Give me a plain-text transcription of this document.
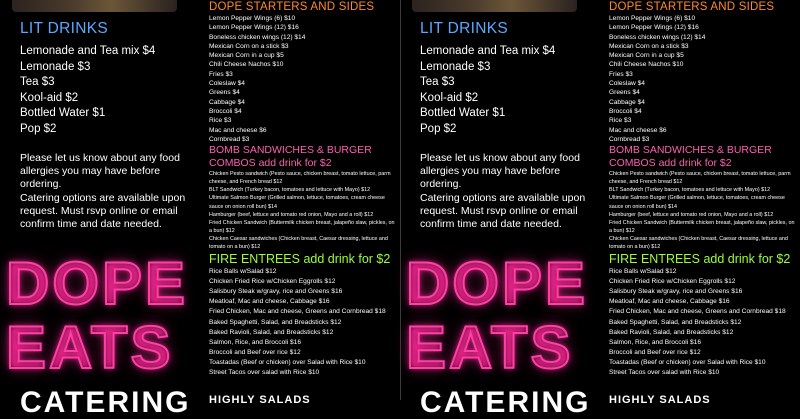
LIT DRINKS
Lemonade and Tea mix $4
Lemonade $3
Tea $3
Kool-aid $2
Bottled Water $1
Pop $2
Please let us know about any food allergies you may have before ordering.
Catering options are available upon request. Must rsvp online or email confirm time and date needed.
DOPE
EATS
CATERING
DOPE STARTERS AND SIDES
Lemon Pepper Wings (6) $10
Lemon Pepper Wings (12) $16
Boneless chicken wings (12) $14
Mexican Corn on a stick $3
Mexican Corn in a cup $5
Chili Cheese Nachos $10
Fries $3
Coleslaw $4
Greens $4
Cabbage $4
Broccoli $4
Rice $3
Mac and cheese $6
Cornbread $3
BOMB SANDWICHES & BURGER
COMBOS add drink for $2
Chicken Pesto sandwich (Pesto sauce, chicken breast, tomato lettuce, parm cheese, and French bread $12
BLT Sandwich (Turkey bacon, tomatoes and lettuce with Mayo) $12
Ultimate Salmon Burger (Grilled salmon, lettuce, tomatoes, cream cheese sauce on onion roll bun) $14
Hamburger (beef, lettuce and tomato red onion, Mayo and a roll) $12
Fried Chicken Sandwich (Buttermilk chicken breast, jalapeño slaw, pickles, on a bun) $12
Chicken Caesar sandwiches (Chicken breast, Caesar dressing, lettuce and tomato on a bun) $12
FIRE ENTREES add drink for $2
Rice Balls w/Salad $12
Chicken Fried Rice w/Chicken Eggrolls $12
Salisbury Steak w/gravy, rice and Greens $16
Meatloaf, Mac and cheese, Cabbage $16
Fried Chicken, Mac and cheese, Greens and Cornbread $18
Baked Spaghetti, Salad, and Breadsticks $12
Baked Ravioli, Salad, and Breadsticks $12
Salmon, Rice, and Broccoli $16
Broccoli and Beef over rice $12
Toastadas (Beef or chicken) over Salad with Rice $10
Street Tacos over salad with Rice $10
HIGHLY SALADS
LIT DRINKS
Lemonade and Tea mix $4
Lemonade $3
Tea $3
Kool-aid $2
Bottled Water $1
Pop $2
Please let us know about any food allergies you may have before ordering.
Catering options are available upon request. Must rsvp online or email confirm time and date needed.
DOPE
EATS
CATERING
DOPE STARTERS AND SIDES
Lemon Pepper Wings (6) $10
Lemon Pepper Wings (12) $16
Boneless chicken wings (12) $14
Mexican Corn on a stick $3
Mexican Corn in a cup $5
Chili Cheese Nachos $10
Fries $3
Coleslaw $4
Greens $4
Cabbage $4
Broccoli $4
Rice $3
Mac and cheese $6
Cornbread $3
BOMB SANDWICHES & BURGER
COMBOS add drink for $2
Chicken Pesto sandwich (Pesto sauce, chicken breast, tomato lettuce, parm cheese, and French bread $12
BLT Sandwich (Turkey bacon, tomatoes and lettuce with Mayo) $12
Ultimate Salmon Burger (Grilled salmon, lettuce, tomatoes, cream cheese sauce on onion roll bun) $14
Hamburger (beef, lettuce and tomato red onion, Mayo and a roll) $12
Fried Chicken Sandwich (Buttermilk chicken breast, jalapeño slaw, pickles, on a bun) $12
Chicken Caesar sandwiches (Chicken breast, Caesar dressing, lettuce and tomato on a bun) $12
FIRE ENTREES add drink for $2
Rice Balls w/Salad $12
Chicken Fried Rice w/Chicken Eggrolls $12
Salisbury Steak w/gravy, rice and Greens $16
Meatloaf, Mac and cheese, Cabbage $16
Fried Chicken, Mac and cheese, Greens and Cornbread $18
Baked Spaghetti, Salad, and Breadsticks $12
Baked Ravioli, Salad, and Breadsticks $12
Salmon, Rice, and Broccoli $16
Broccoli and Beef over rice $12
Toastadas (Beef or chicken) over Salad with Rice $10
Street Tacos over salad with Rice $10
HIGHLY SALADS
